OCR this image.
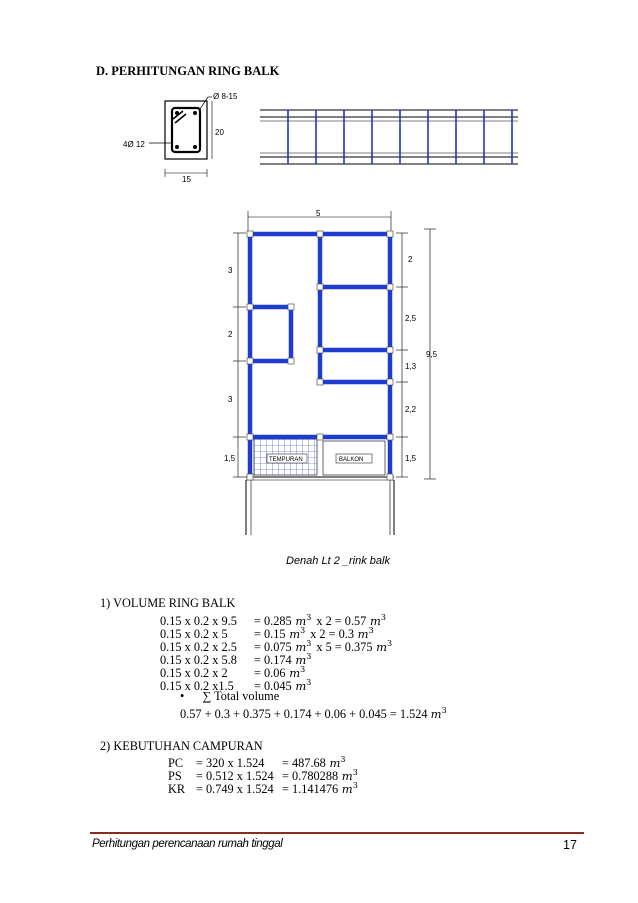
D. PERHITUNGAN RING BALK
Ø 8-15
4Ø 12
20
15
5
3
2
3
1,5
2
2,5
1,3
2,2
1,5
9,5
TEMPURAN	BALKON
Denah Lt 2 _rink balk
1) VOLUME RING BALK
0.15 x 0.2 x 9.5 = 0.285 $m^3$ x 2 = 0.57 $m^3$
0.15 x 0.2 x 5 = 0.15 $m^3$ x 2 = 0.3 $m^3$
0.15 x 0.2 x 2.5 = 0.075 $m^3$ x 5 = 0.375 $m^3$
0.15 x 0.2 x 5.8 = 0.174 $m^3$
0.15 x 0.2 x 2 = 0.06 $m^3$
0.15 x 0.2 x1.5 = 0.045 $m^3$
• ∑ Total volume
0.57 + 0.3 + 0.375 + 0.174 + 0.06 + 0.045 = 1.524 $m^3$
2) KEBUTUHAN CAMPURAN
PC = 320 x 1.524 = 487.68 $m^3$
PS = 0.512 x 1.524 = 0.780288 $m^3$
KR = 0.749 x 1.524 = 1.141476 $m^3$
Perhitungan perencanaan rumah tinggal	17
